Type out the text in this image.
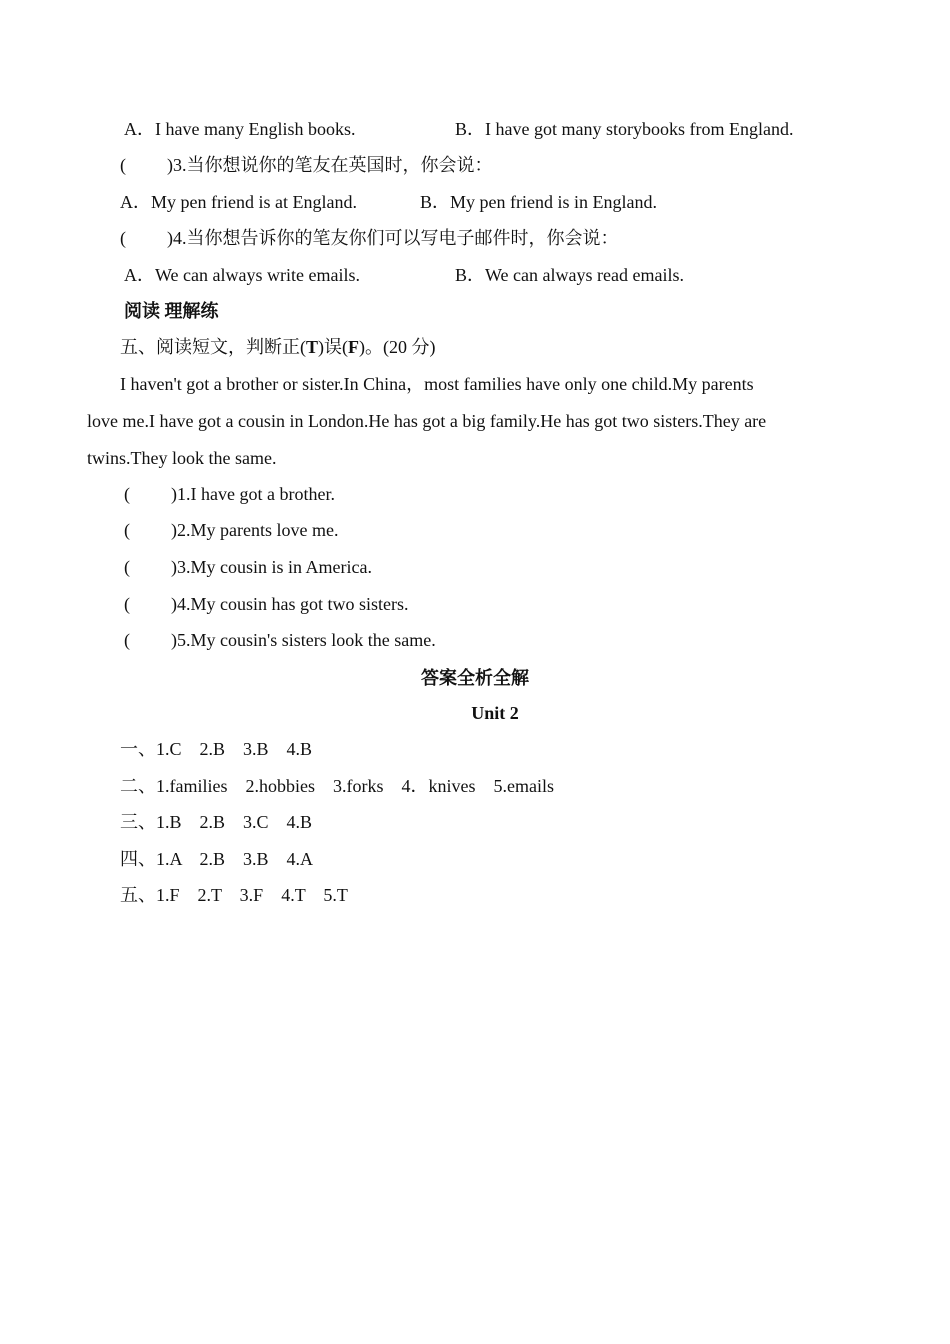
A．I have many English books.	B．I have got many storybooks from England.
( )3.当你想说你的笔友在英国时，你会说：
A．My pen friend is at England.	B．My pen friend is in England.
( )4.当你想告诉你的笔友你们可以写电子邮件时，你会说：
A．We can always write emails.	B．We can always read emails.
阅读 理解练
五、阅读短文，判断正(T)误(F)。(20 分)
I haven't got a brother or sister.In China，most families have only one child.My parents
love me.I have got a cousin in London.He has got a big family.He has got two sisters.They are
twins.They look the same.
( )1.I have got a brother.
( )2.My parents love me.
( )3.My cousin is in America.
( )4.My cousin has got two sisters.
( )5.My cousin's sisters look the same.
答案全析全解
Unit 2
一、1.C    2.B    3.B    4.B
二、1.families    2.hobbies    3.forks    4．knives    5.emails
三、1.B    2.B    3.C    4.B
四、1.A    2.B    3.B    4.A
五、1.F    2.T    3.F    4.T    5.T
